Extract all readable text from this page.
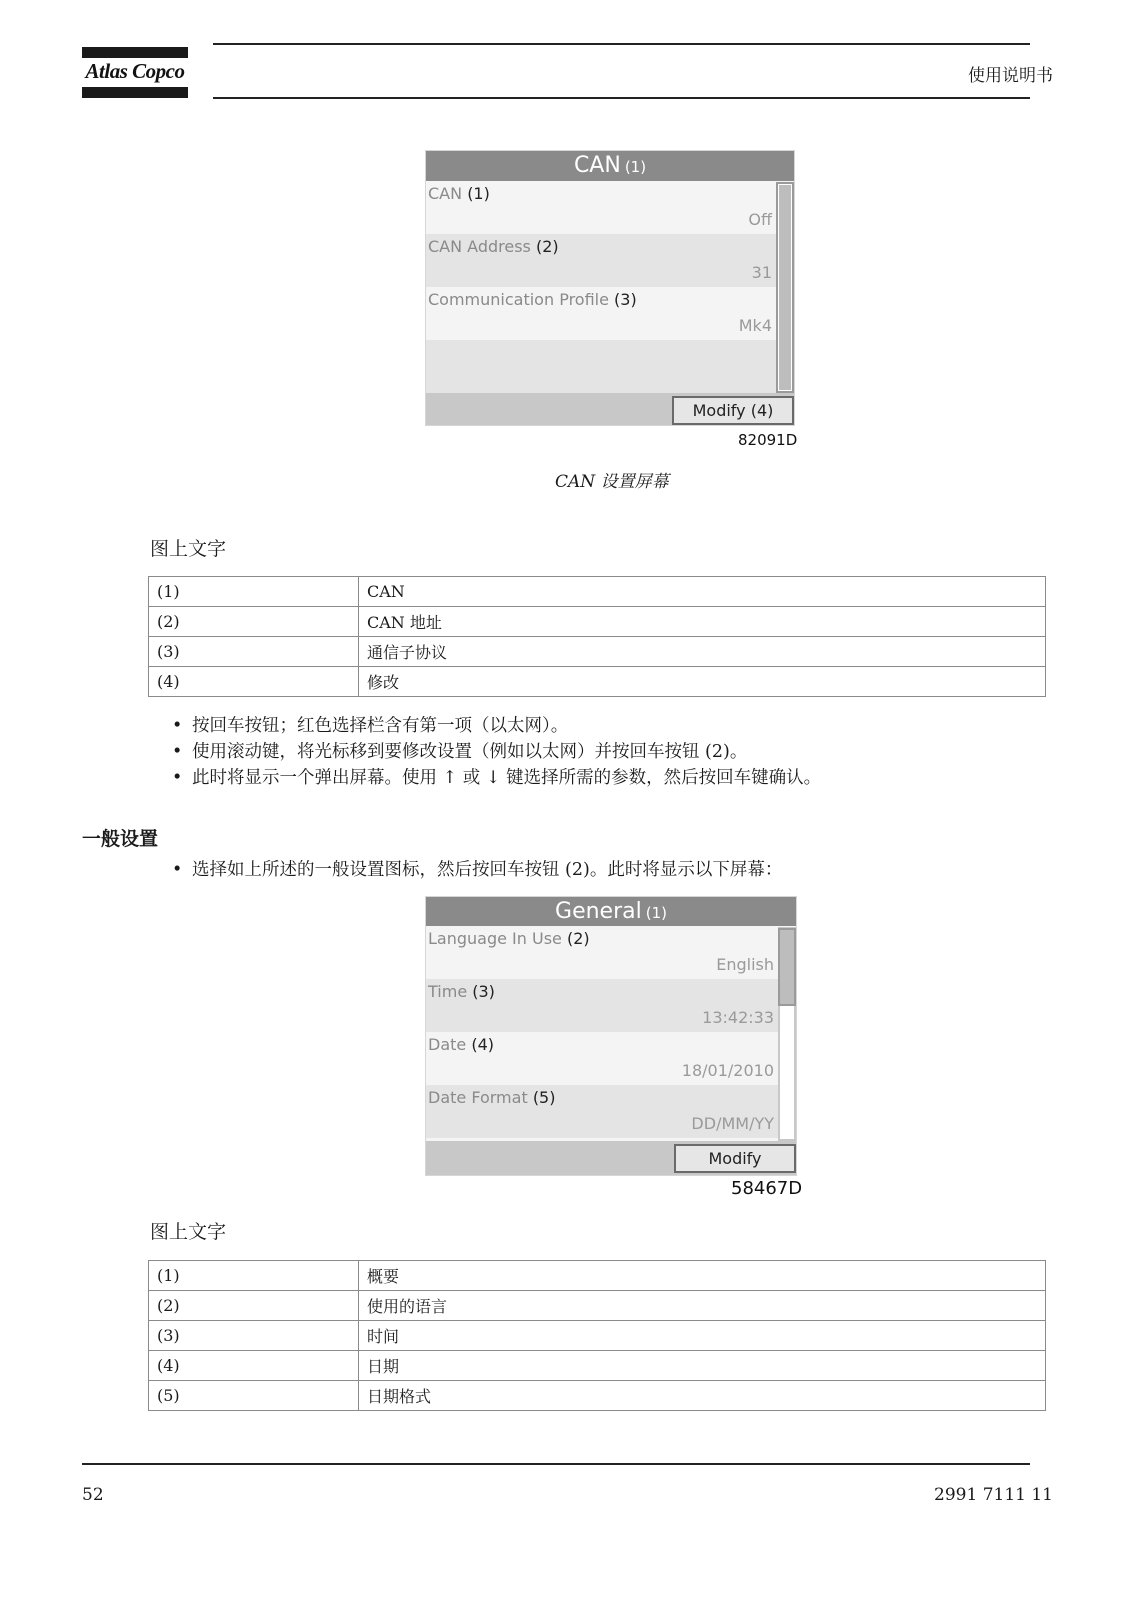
Atlas Copco	使用说明书
CAN (1)
CAN (1)
Off
CAN Address (2)
31
Communication Profile (3)
Mk4
Modify (4)
82091D
CAN 设置屏幕
图上文字
(1)	CAN
(2)	CAN 地址
(3)	通信子协议
(4)	修改
• 按回车按钮；红色选择栏含有第一项（以太网）。
• 使用滚动键，将光标移到要修改设置（例如以太网）并按回车按钮 (2)。
• 此时将显示一个弹出屏幕。使用 ↑ 或 ↓ 键选择所需的参数，然后按回车键确认。
一般设置
• 选择如上所述的一般设置图标，然后按回车按钮 (2)。此时将显示以下屏幕：
General (1)
Language In Use (2)
English
Time (3)
13:42:33
Date (4)
18/01/2010
Date Format (5)
DD/MM/YY
Modify
58467D
图上文字
(1)	概要
(2)	使用的语言
(3)	时间
(4)	日期
(5)	日期格式
52	2991 7111 11
